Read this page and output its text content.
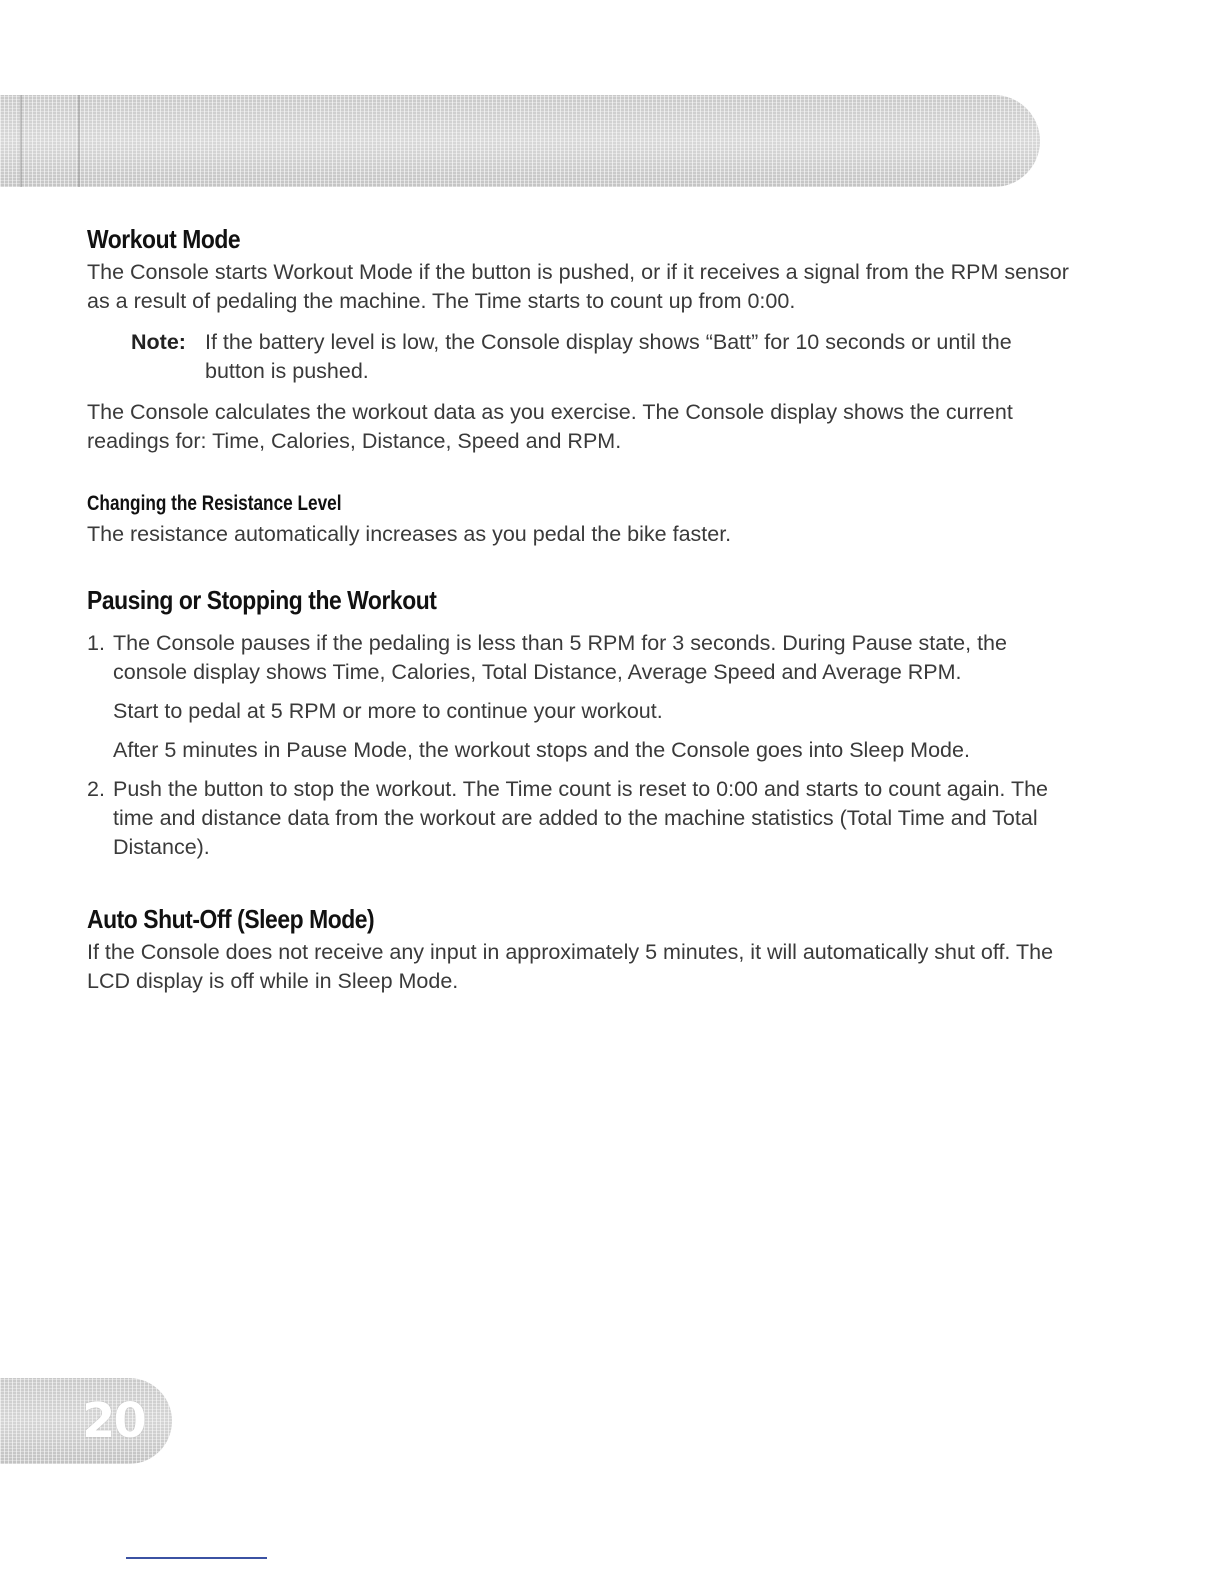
Workout Mode

The Console starts Workout Mode if the button is pushed, or if it receives a signal from the RPM sensor as a result of pedaling the machine. The Time starts to count up from 0:00.

Note: If the battery level is low, the Console display shows “Batt” for 10 seconds or until the button is pushed.

The Console calculates the workout data as you exercise. The Console display shows the current readings for: Time, Calories, Distance, Speed and RPM.

Changing the Resistance Level

The resistance automatically increases as you pedal the bike faster.

Pausing or Stopping the Workout
1. The Console pauses if the pedaling is less than 5 RPM for 3 seconds. During Pause state, the console display shows Time, Calories, Total Distance, Average Speed and Average RPM.

Start to pedal at 5 RPM or more to continue your workout.

After 5 minutes in Pause Mode, the workout stops and the Console goes into Sleep Mode.

2. Push the button to stop the workout. The Time count is reset to 0:00 and starts to count again. The time and distance data from the workout are added to the machine statistics (Total Time and Total Distance).

Auto Shut-Off (Sleep Mode)

If the Console does not receive any input in approximately 5 minutes, it will automatically shut off. The LCD display is off while in Sleep Mode.

20
